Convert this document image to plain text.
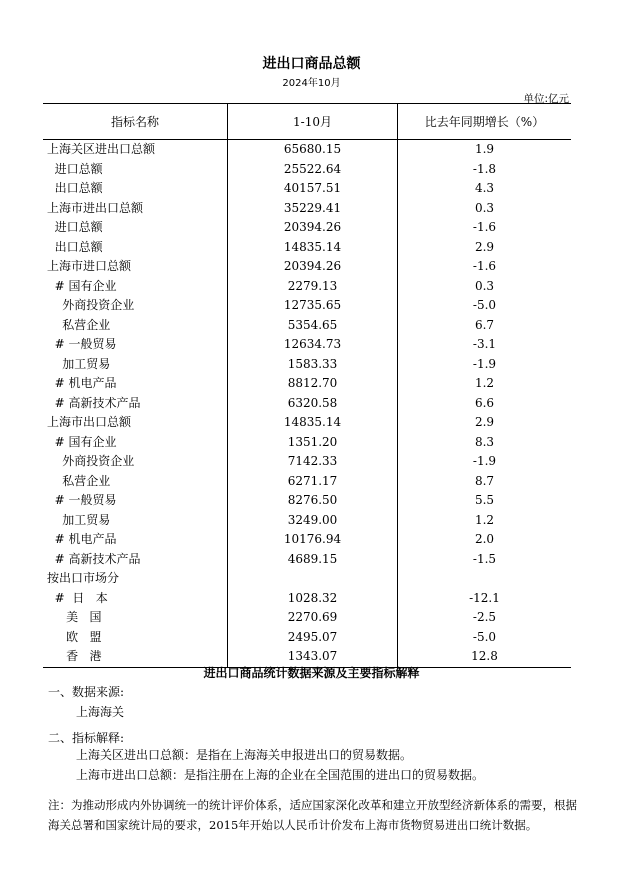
进出口商品总额
2024年10月
单位:亿元
指标名称	1-10月	比去年同期增长（%）
上海关区进出口总额	65680.15	1.9
进口总额	25522.64	-1.8
出口总额	40157.51	4.3
上海市进出口总额	35229.41	0.3
进口总额	20394.26	-1.6
出口总额	14835.14	2.9
上海市进口总额	20394.26	-1.6
# 国有企业	2279.13	0.3
外商投资企业	12735.65	-5.0
私营企业	5354.65	6.7
# 一般贸易	12634.73	-3.1
加工贸易	1583.33	-1.9
# 机电产品	8812.70	1.2
# 高新技术产品	6320.58	6.6
上海市出口总额	14835.14	2.9
# 国有企业	1351.20	8.3
外商投资企业	7142.33	-1.9
私营企业	6271.17	8.7
# 一般贸易	8276.50	5.5
加工贸易	3249.00	1.2
# 机电产品	10176.94	2.0
# 高新技术产品	4689.15	-1.5
按出口市场分		
#  日   本	1028.32	-12.1
美   国	2270.69	-2.5
欧   盟	2495.07	-5.0
香   港	1343.07	12.8
进出口商品统计数据来源及主要指标解释
一、数据来源:
上海海关
二、指标解释:
上海关区进出口总额：是指在上海海关申报进出口的贸易数据。
上海市进出口总额：是指注册在上海的企业在全国范围的进出口的贸易数据。
注：为推动形成内外协调统一的统计评价体系，适应国家深化改革和建立开放型经济新体系的需要，根据海关总署和国家统计局的要求，2015年开始以人民币计价发布上海市货物贸易进出口统计数据。
